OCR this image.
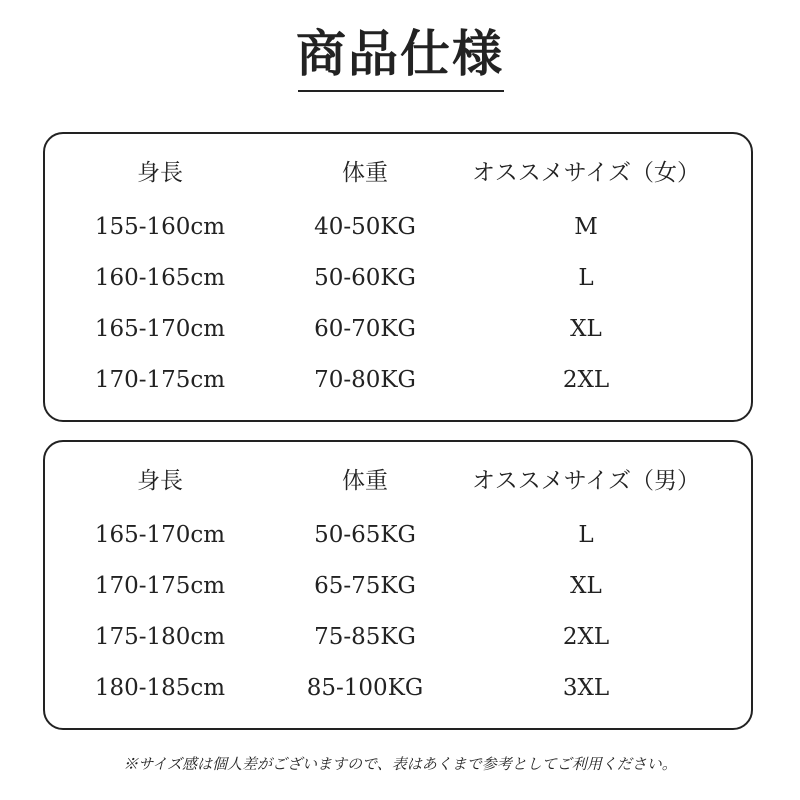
商品仕様
身長	体重	オススメサイズ（女）
155-160cm	40-50KG	M
160-165cm	50-60KG	L
165-170cm	60-70KG	XL
170-175cm	70-80KG	2XL
身長	体重	オススメサイズ（男）
165-170cm	50-65KG	L
170-175cm	65-75KG	XL
175-180cm	75-85KG	2XL
180-185cm	85-100KG	3XL
※サイズ感は個人差がございますので、表はあくまで参考としてご利用ください。
